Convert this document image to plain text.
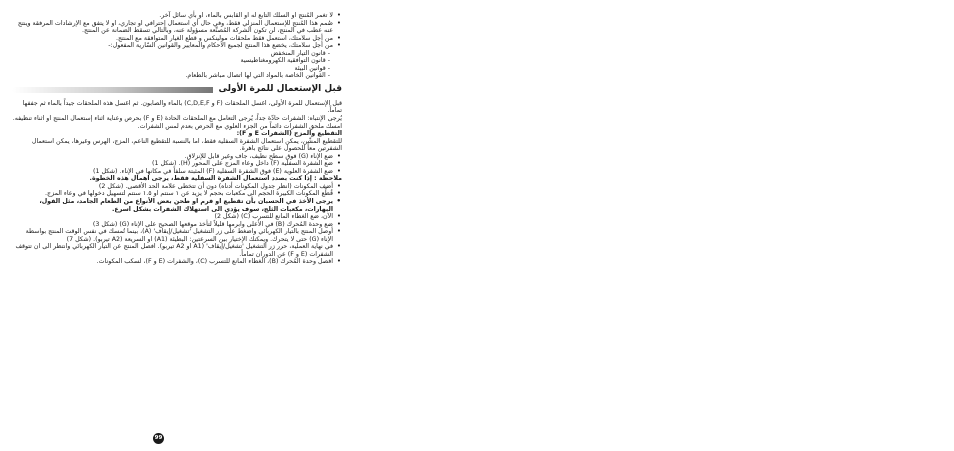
• لا تغمر المُنتج او السلك التابع له او القابس بالماء، او بأي سائل آخر.

• صُمم هذا المُنتج للإستعمال المنزلي فقط، وفي حال أي استعمال إحترافي او تجاري، او لا يتفق مع الإرشادات المرفقة وينتج عنه عطب في المنتج، لن تكون الشركة المُصنِّعة مسؤولة عنه، وبالتالي تسقط الضمانة عن المنتج.

• من أجل سلامتك، استعمل فقط ملحقات مولينكس و قطع الغيار المتوافقة مع المنتج.

• من أجل سلامتك، يخضع هذا المنتج لجميع الاحكام والمعايير والقوانين السّارية المفعول:-

- قانون التيار المنخفض

- قانون التوافقية الكهرومغناطيسية

- قوانين البيئة

- القوانين الخاصة بالمواد التي لها اتصال مباشر بالطعام.

قبل الإستعمال للمرة الأولى

قبل الإستعمال للمرة الأولى، اغسل الملحقات (F و C,D,E,F) بالماء والصابون. ثم اغسل هذه الملحقات جيداً بالماء ثم جففها تماماً.

يُرجى الإنتباه: الشفرات حادّة جداً، يُرجى التعامل مع الملحقات الحادة (E و F) بحرص وعناية اثناء إستعمال المنتج او اثناء تنظيفه. امسك ملحق الشفرات دائماً من الجزء العلوي مع الحرص بعدم لمس الشفرات.

التقطيع والمزج (الشفرات E و F):

للتقطيع المشّن، يمكن استعمال الشفرة السفلية فقط، اما بالنسبة للتقطيع الناعم، المزج، الهرس وغيرها، يمكن استعمال الشفرتين معاً للحصول على نتائج باهرة.

• ضع الإناء (G) فوق سطح نظيف، جاف وغير قابل للإنزلاق.

• ضع الشفرة السفلية (F) داخل وعاء المزج على المحور (H). (شكل 1)

• ضع الشفرة العلوية (E) فوق الشفرة السفلية (F) المثبتة سلفاً في مكانها في الإناء. (شكل 1)

ملاحظة : إذا كنت بصدد استعمال الشفرة السفلية فقط، يرجى اهمال هذه الخطوة.

• أضف المكونات (انظر جدول المكونات أدناه) دون أن تتخطى علامة الحد الأقصى. (شكل 2)

• قُطّع المكونات الكبيرة الحجم الى مكعبات بحجم لا يزيد عن ١ سنتم او ١.٥ سنتم لتسهيل دخولها في وعاء المزج.

• يرجى الأخذ في الحسبان بأن تقطيع او فرم او طحن بعض الأنواع من الطعام الجامد، مثل الفول، البهارات، مكعبات الثلج، سوف يؤدي الى استهلاك الشفرات بشكل اسرع.

• الآن، ضع الغطاء المانع للتسرب (C) (شكل 2)

• ضع وحدة المُحرك (B) في الأعلى وابرمها قليلاً لتأخذ موقعها الصحيح على الإناء (G) (شكل 3)

• أوصل المنتج بالتيار الكهربائي واضغط على زر التشغيل 'تشغيل/إيقاف' (A)، بينما تُمسك في نفس الوقت المنتج بواسطة الإناء (G) حتى لا يتحرك. ويمكنك الإختيار بين السرعتين: البطيئة (A1) او السريعة (A2 تيربو). (شكل 7)

• في نهاية العملية، حرر زر التشغيل 'تشغيل/إيقاف' (A1 او A2 تيربو). افصل المنتج عن التيار الكهربائي وانتظر الى ان تتوقف الشفرات (E و F) عن الدوران تماماً.

• افصل وحدة المُحرك (B)، الغطاء المانع للتسرب (C)، والشفرات (E و F)، لسكب المكونات.

99
